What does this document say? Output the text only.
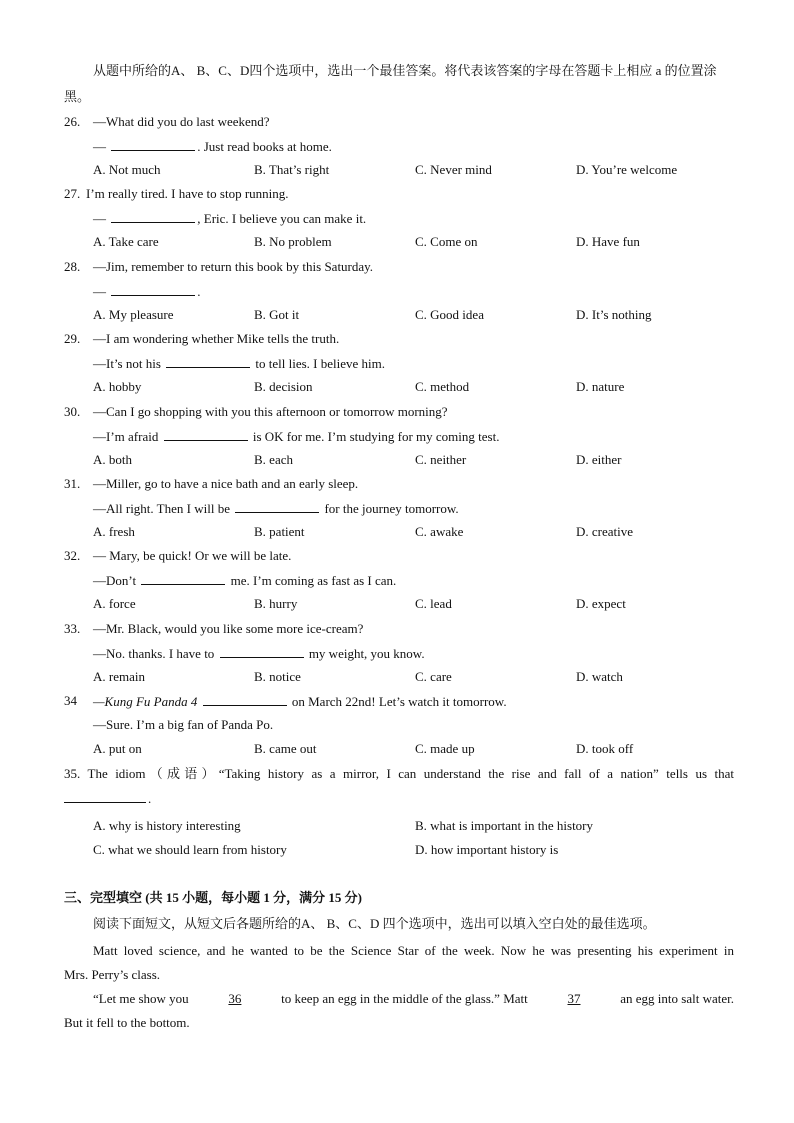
从题中所给的A、 B、C、D四个选项中，选出一个最佳答案。将代表该答案的字母在答题卡上相应 a 的位置涂黑。
26. —What did you do last weekend?
—	. Just read books at home.
A. Not much	B. That’s right	C. Never mind	D. You’re welcome
27. I’m really tired. I have to stop running.
—	, Eric. I believe you can make it.
A. Take care	B. No problem	C. Come on	D. Have fun
28. —Jim, remember to return this book by this Saturday.
—	.
A. My pleasure	B. Got it	C. Good idea	D. It’s nothing
29. —I am wondering whether Mike tells the truth.
—It’s not his	to tell lies. I believe him.
A. hobby	B. decision	C. method	D. nature
30. —Can I go shopping with you this afternoon or tomorrow morning?
—I’m afraid	is OK for me. I’m studying for my coming test.
A. both	B. each	C. neither	D. either
31. —Miller, go to have a nice bath and an early sleep.
—All right. Then I will be	for the journey tomorrow.
A. fresh	B. patient	C. awake	D. creative
32. — Mary, be quick! Or we will be late.
—Don’t	me. I’m coming as fast as I can.
A. force	B. hurry	C. lead	D. expect
33. —Mr. Black, would you like some more ice-cream?
—No. thanks. I have to	my weight, you know.
A. remain	B. notice	C. care	D. watch
34 —Kung Fu Panda 4	on March 22nd! Let’s watch it tomorrow.
—Sure. I’m a big fan of Panda Po.
A. put on	B. came out	C. made up	D. took off
35. The idiom（成语）“Taking history as a mirror, I can understand the rise and fall of a nation” tells us that
.
A. why is history interesting	B. what is important in the history
C. what we should learn from history	D. how important history is
三、完型填空 (共 15 小题，每小题 1 分，满分 15 分)
阅读下面短文，从短文后各题所给的A、 B、C、D 四个选项中，选出可以填入空白处的最佳选项。
Matt loved science, and he wanted to be the Science Star of the week. Now he was presenting his experiment in
Mrs. Perry’s class.
“Let me show you	36	to keep an egg in the middle of the glass.” Matt	37	an egg into salt water.
But it fell to the bottom.
